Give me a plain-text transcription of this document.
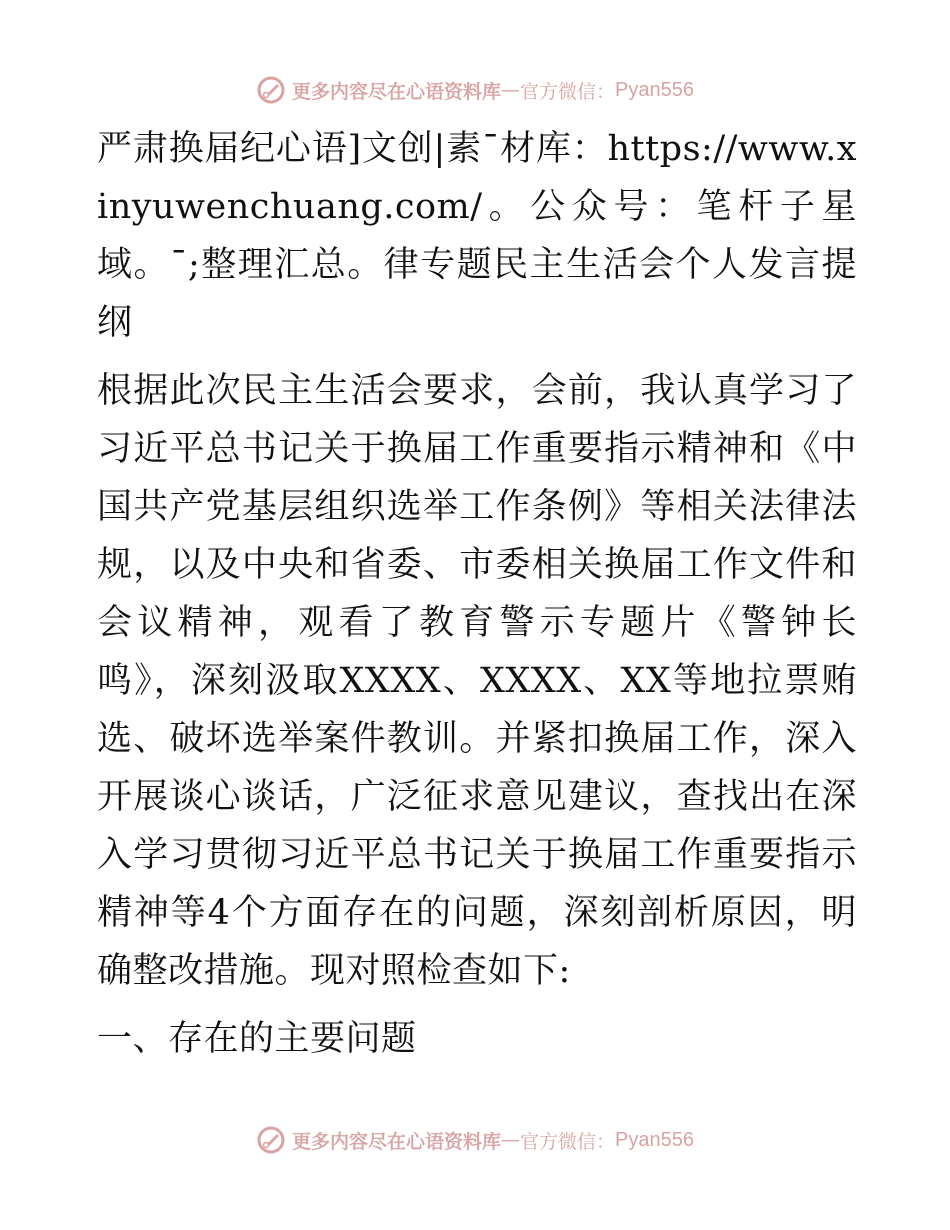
更多内容尽在心语资料库 — 官方微信： Pyan556

严肃换届纪心语]文创|素¯材库：https://www.xinyuwenchuang.com/。公众号：笔杆子星域。¯;整理汇总。律专题民主生活会个人发言提纲

根据此次民主生活会要求，会前，我认真学习了习近平总书记关于换届工作重要指示精神和《中国共产党基层组织选举工作条例》等相关法律法规，以及中央和省委、市委相关换届工作文件和会议精神，观看了教育警示专题片《警钟长鸣》，深刻汲取XXXX、XXXX、XX等地拉票贿选、破坏选举案件教训。并紧扣换届工作，深入开展谈心谈话，广泛征求意见建议，查找出在深入学习贯彻习近平总书记关于换届工作重要指示精神等4个方面存在的问题，深刻剖析原因，明确整改措施。现对照检查如下:

一、存在的主要问题

更多内容尽在心语资料库 — 官方微信： Pyan556
